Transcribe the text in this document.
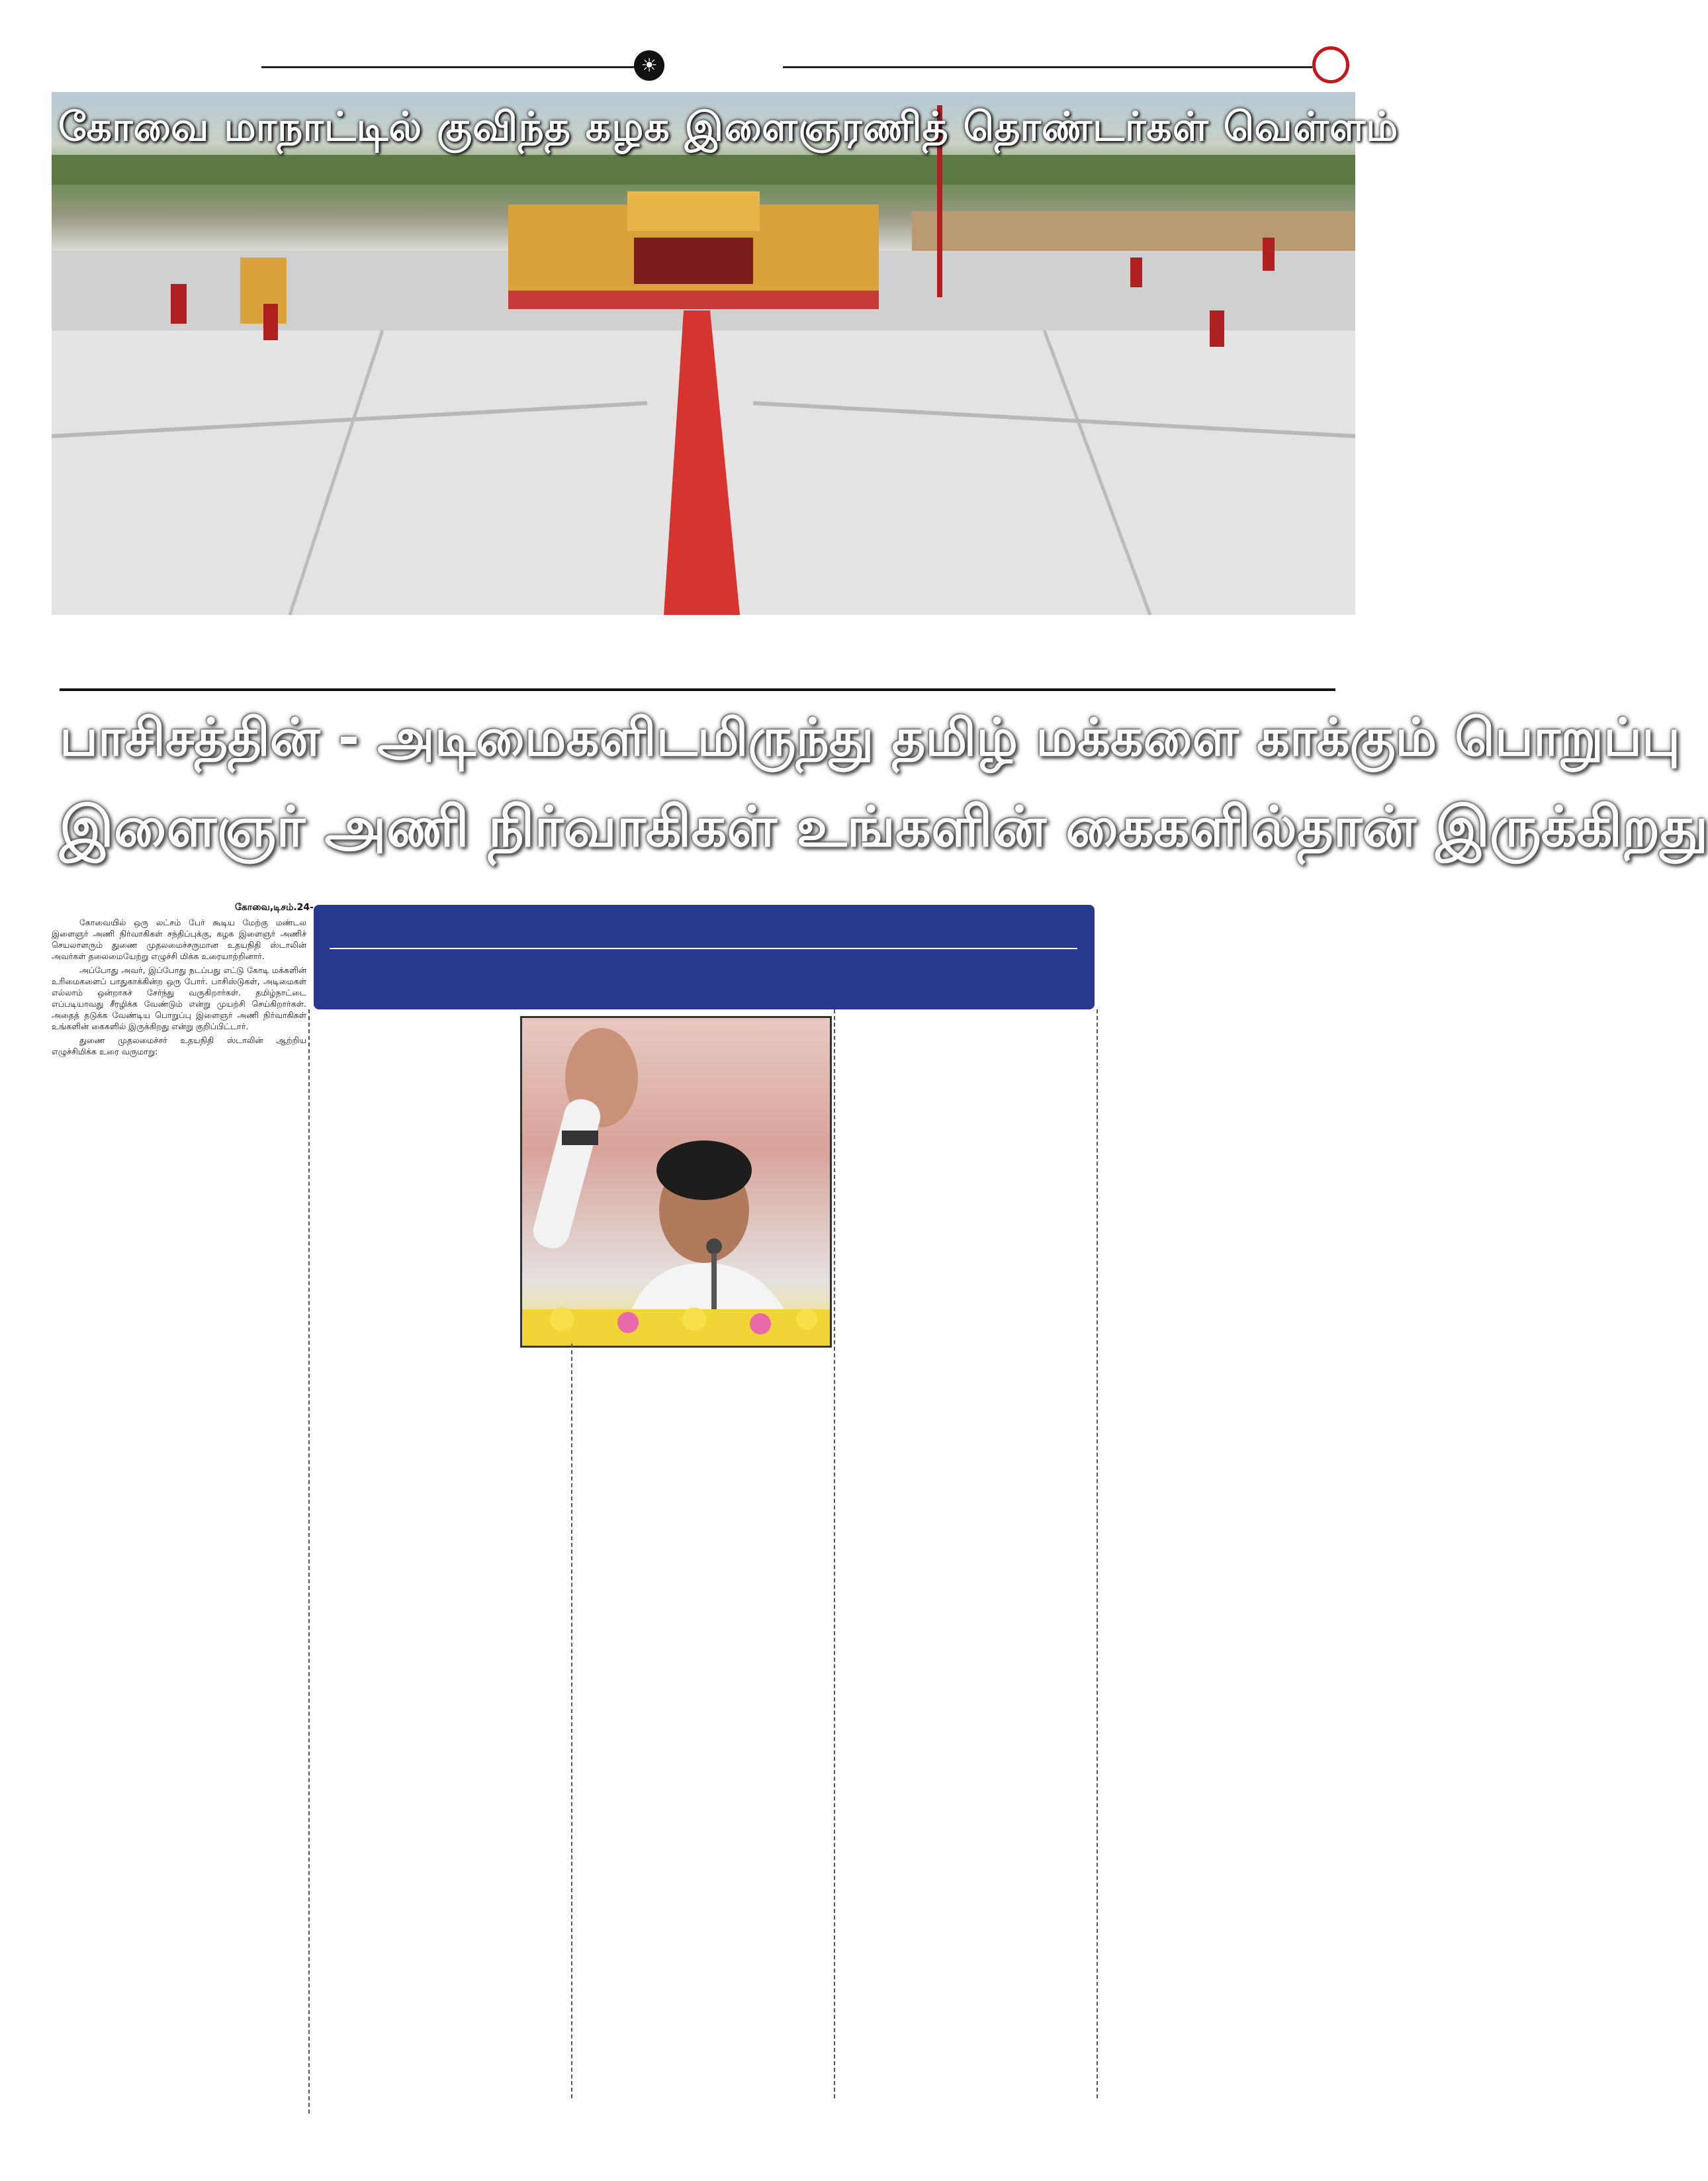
☀
கோவை மாநாட்டில் குவிந்த கழக இளைஞரணித் தொண்டர்கள் வெள்ளம்
பாசிசத்தின் - அடிமைகளிடமிருந்து தமிழ் மக்களை காக்கும் பொறுப்பு
இளைஞர் அணி நிர்வாகிகள் உங்களின் கைகளில்தான் இருக்கிறது
கோவை,டிசம்.24-

கோவையில் ஒரு லட்சம் பேர் கூடிய மேற்கு மண்டல இளைஞர் அணி நிர்வாகிகள் சந்திப்புக்கு, கழக இளைஞர் அணிச் செயலாளரும் துணை முதலமைச்சருமான உதயநிதி ஸ்டாலின் அவர்கள் தலைமையேற்று எழுச்சி மிக்க உரையாற்றினார்.

அப்போது அவர், இப்போது நடப்பது எட்டு கோடி மக்களின் உரிமைகளைப் பாதுகாக்கின்ற ஒரு போர். பாசிஸ்டுகள், அடிமைகள் எல்லாம் ஒன்றாகச் சேர்ந்து வருகிறார்கள். தமிழ்நாட்டை எப்படியாவது சீரழிக்க வேண்டும் என்று முயற்சி செய்கிறார்கள். அதைத் தடுக்க வேண்டிய பொறுப்பு இளைஞர் அணி நிர்வாகிகள் உங்களின் கைகளில் இருக்கிறது என்று குறிப்பிட்டார்.

துணை முதலமைச்சர் உதயநிதி ஸ்டாலின் ஆற்றிய எழுச்சிமிக்க உரை வருமாறு:
